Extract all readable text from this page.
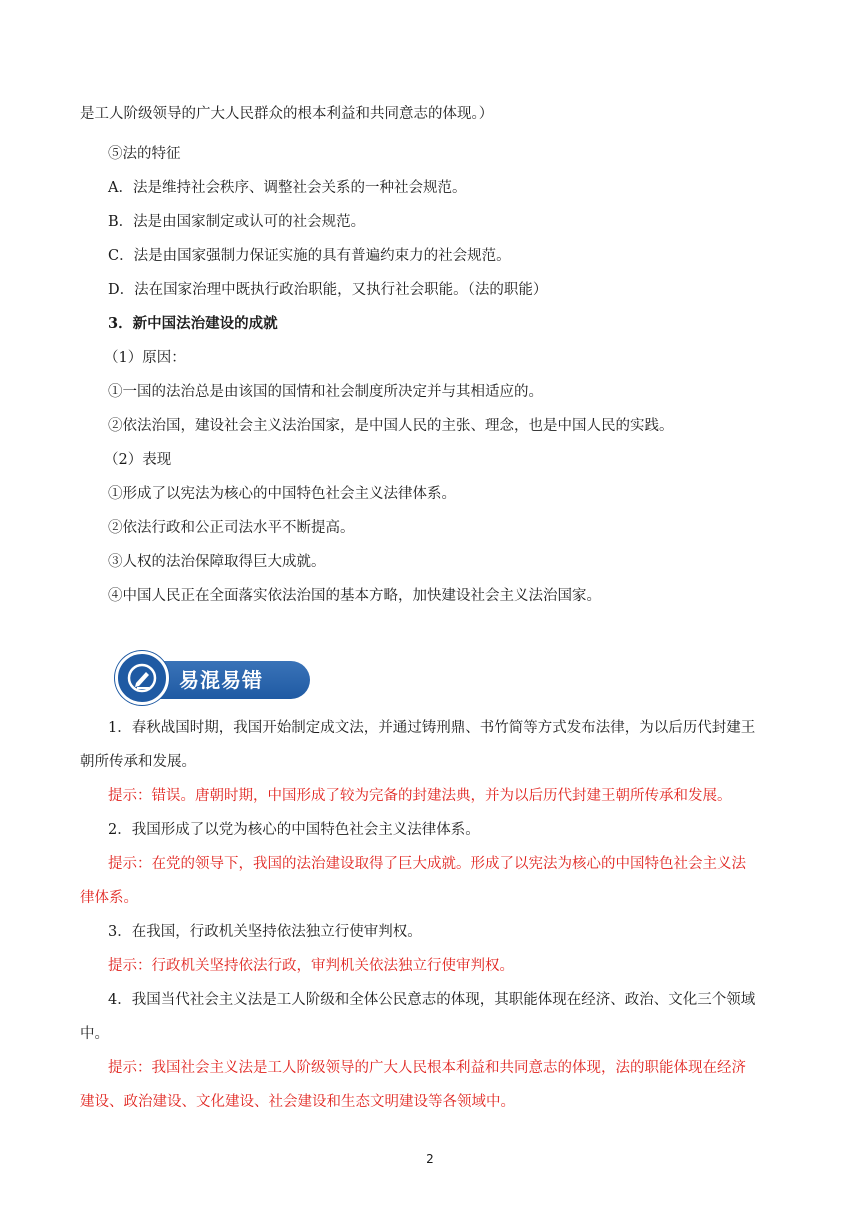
是工人阶级领导的广大人民群众的根本利益和共同意志的体现。）
⑤法的特征
A．法是维持社会秩序、调整社会关系的一种社会规范。
B．法是由国家制定或认可的社会规范。
C．法是由国家强制力保证实施的具有普遍约束力的社会规范。
D．法在国家治理中既执行政治职能，又执行社会职能。（法的职能）
3．新中国法治建设的成就
（1）原因：
①一国的法治总是由该国的国情和社会制度所决定并与其相适应的。
②依法治国，建设社会主义法治国家，是中国人民的主张、理念，也是中国人民的实践。
（2）表现
①形成了以宪法为核心的中国特色社会主义法律体系。
②依法行政和公正司法水平不断提高。
③人权的法治保障取得巨大成就。
④中国人民正在全面落实依法治国的基本方略，加快建设社会主义法治国家。
易混易错
1．春秋战国时期，我国开始制定成文法，并通过铸刑鼎、书竹简等方式发布法律，为以后历代封建王
朝所传承和发展。
提示：错误。唐朝时期，中国形成了较为完备的封建法典，并为以后历代封建王朝所传承和发展。
2．我国形成了以党为核心的中国特色社会主义法律体系。
提示：在党的领导下，我国的法治建设取得了巨大成就。形成了以宪法为核心的中国特色社会主义法
律体系。
3．在我国，行政机关坚持依法独立行使审判权。
提示：行政机关坚持依法行政，审判机关依法独立行使审判权。
4．我国当代社会主义法是工人阶级和全体公民意志的体现，其职能体现在经济、政治、文化三个领域
中。
提示：我国社会主义法是工人阶级领导的广大人民根本利益和共同意志的体现，法的职能体现在经济
建设、政治建设、文化建设、社会建设和生态文明建设等各领域中。
2
